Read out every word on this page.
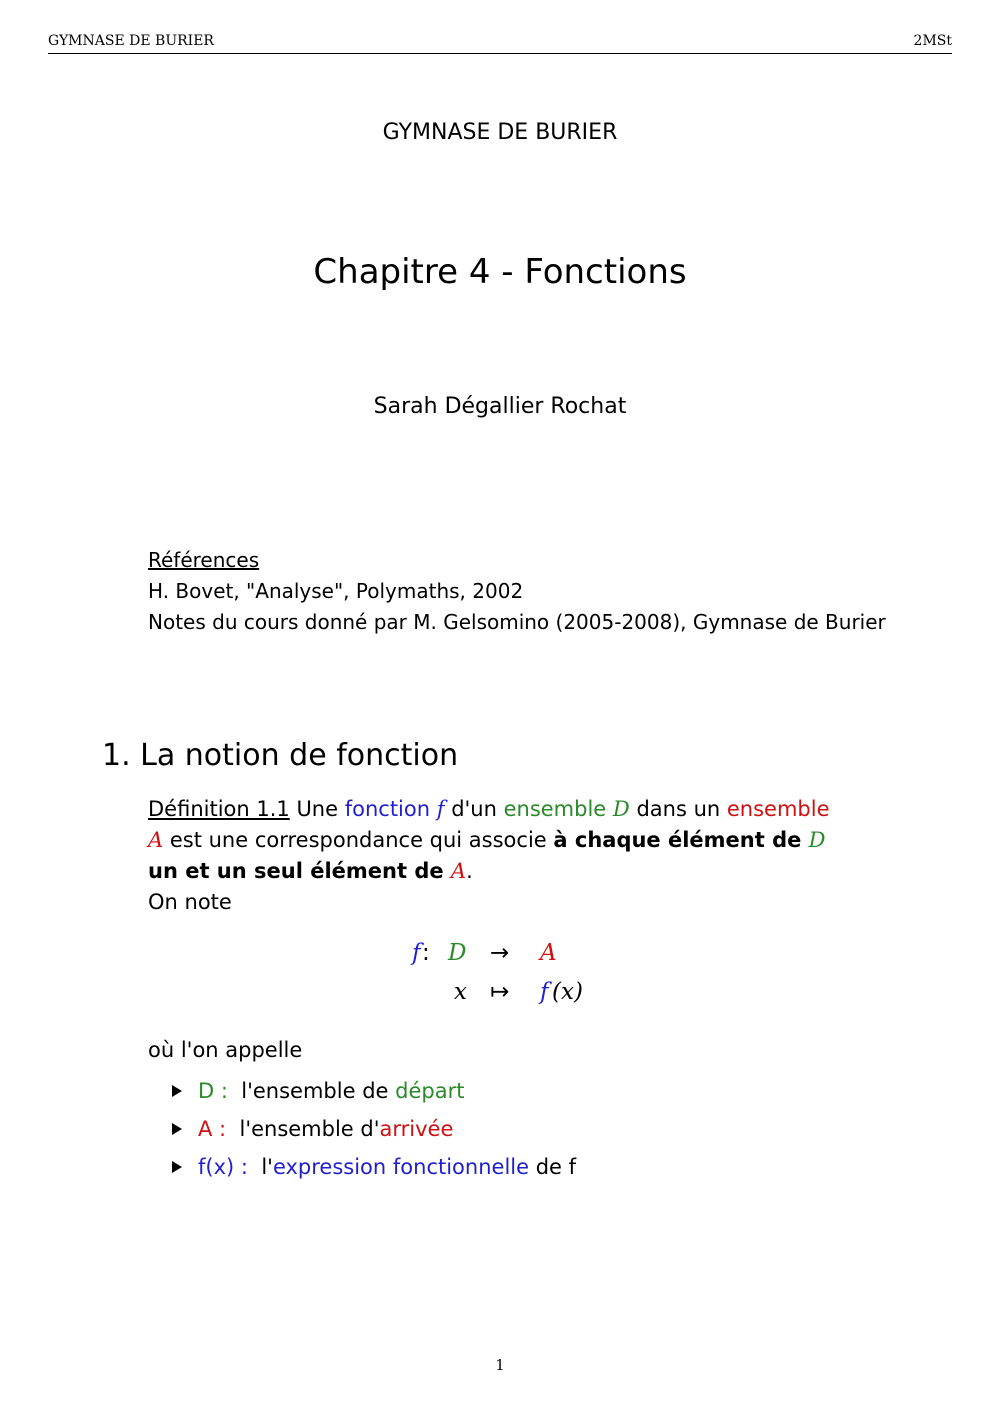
GYMNASE DE BURIER	2MSt
GYMNASE DE BURIER
Chapitre 4 - Fonctions
Sarah Dégallier Rochat
Références
H. Bovet, "Analyse", Polymaths, 2002
Notes du cours donné par M. Gelsomino (2005-2008), Gymnase de Burier
1. La notion de fonction
Définition 1.1 Une fonction f d'un ensemble D dans un ensemble
A est une correspondance qui associe à chaque élément de D un et un seul élément de A.
On note
f : D → A
x ↦ f (x)
où l'on appelle
D : l'ensemble de départ
A : l'ensemble d'arrivée
f(x) : l'expression fonctionnelle de f
1
